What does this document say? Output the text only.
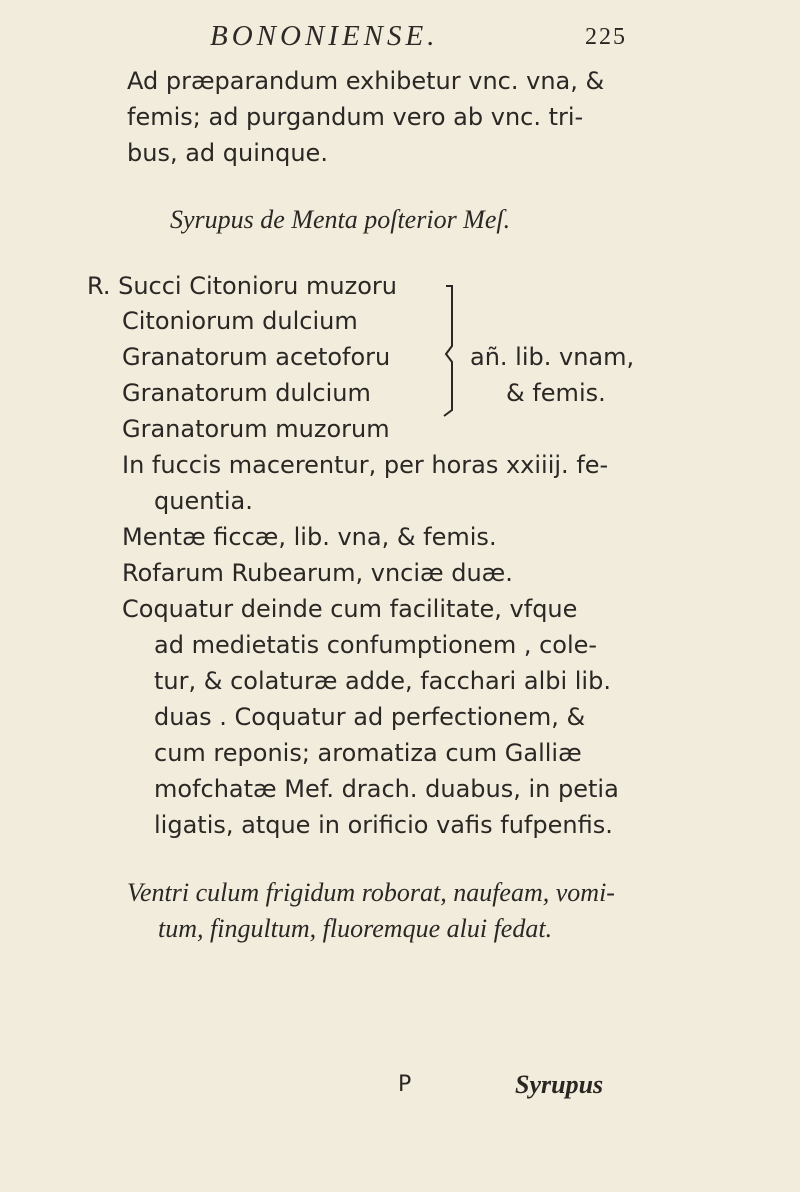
BONONIENSE.	225
Ad præparandum exhibetur vnc. vna, &
femis; ad purgandum vero ab vnc. tri-
bus, ad quinque.
Syrupus de Menta poſterior Meſ.
R. Succi Citonioru muzoru
Citoniorum dulcium
Granatorum acetoforu
Granatorum dulcium
Granatorum muzorum
añ. lib. vnam,
& femis.
In fuccis macerentur, per horas xxiiij. fe-
quentia.
Mentæ ficcæ, lib. vna, & femis.
Rofarum Rubearum, vnciæ duæ.
Coquatur deinde cum facilitate, vfque
ad medietatis confumptionem , cole-
tur, & colaturæ adde, facchari albi lib.
duas . Coquatur ad perfectionem, &
cum reponis; aromatiza cum Galliæ
mofchatæ Mef. drach. duabus, in petia
ligatis, atque in orificio vafis fufpenfis.
Ventri culum frigidum roborat, naufeam, vomi-
tum, fingultum, fluoremque alui fedat.
P	Syrupus
